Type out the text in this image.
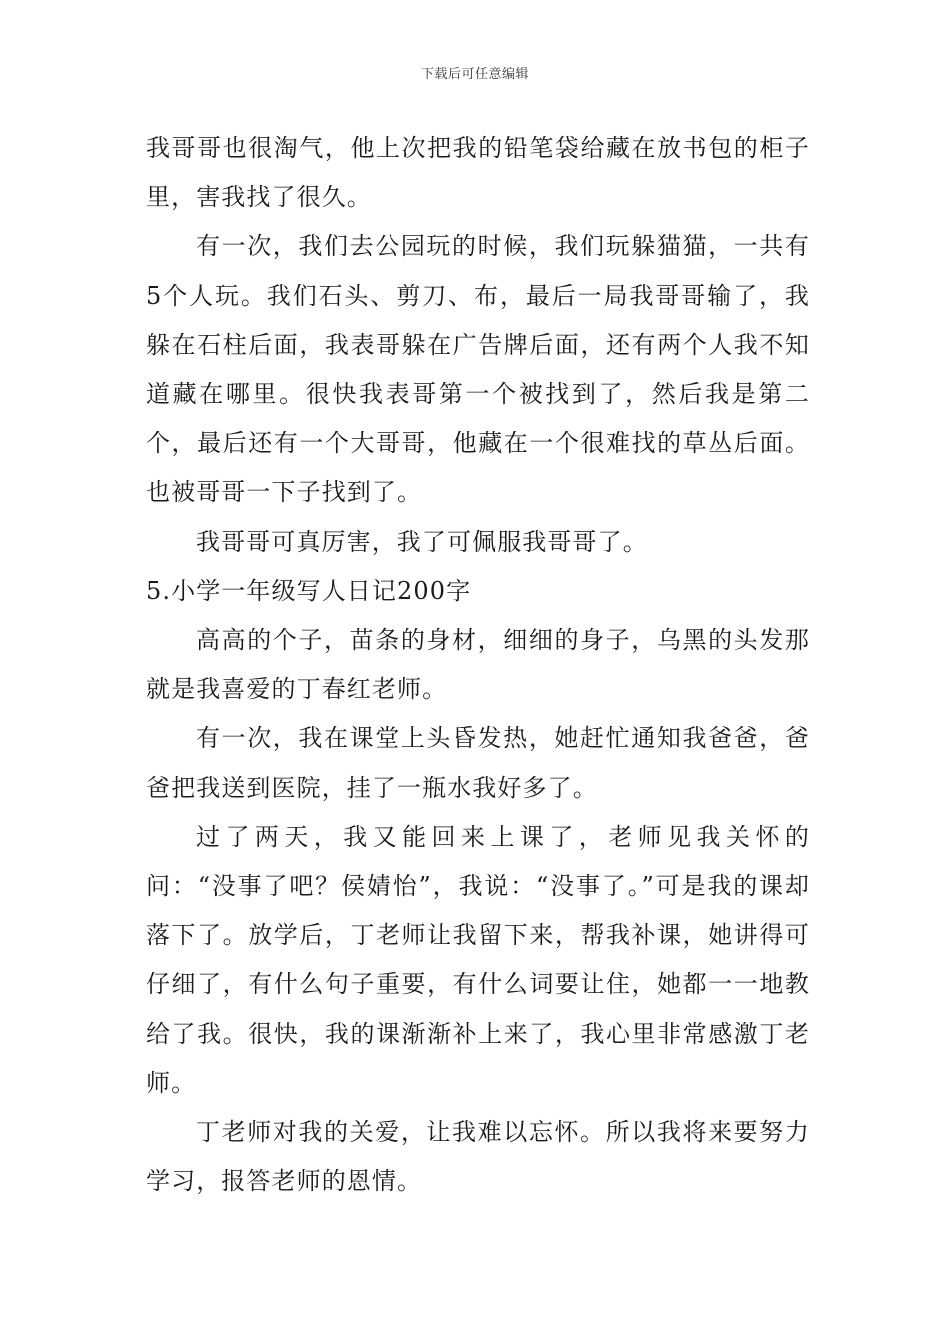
下载后可任意编辑

我哥哥也很淘气，他上次把我的铅笔袋给藏在放书包的柜子里，害我找了很久。

有一次，我们去公园玩的时候，我们玩躲猫猫，一共有5个人玩。我们石头、剪刀、布，最后一局我哥哥输了，我躲在石柱后面，我表哥躲在广告牌后面，还有两个人我不知道藏在哪里。很快我表哥第一个被找到了，然后我是第二个，最后还有一个大哥哥，他藏在一个很难找的草丛后面。也被哥哥一下子找到了。

我哥哥可真厉害，我了可佩服我哥哥了。

5.小学一年级写人日记200字

高高的个子，苗条的身材，细细的身子，乌黑的头发那就是我喜爱的丁春红老师。

有一次，我在课堂上头昏发热，她赶忙通知我爸爸，爸爸把我送到医院，挂了一瓶水我好多了。

过了两天，我又能回来上课了，老师见我关怀的问：“没事了吧？侯婧怡”，我说：“没事了。”可是我的课却落下了。放学后，丁老师让我留下来，帮我补课，她讲得可仔细了，有什么句子重要，有什么词要让住，她都一一地教给了我。很快，我的课渐渐补上来了，我心里非常感激丁老师。

丁老师对我的关爱，让我难以忘怀。所以我将来要努力学习，报答老师的恩情。
